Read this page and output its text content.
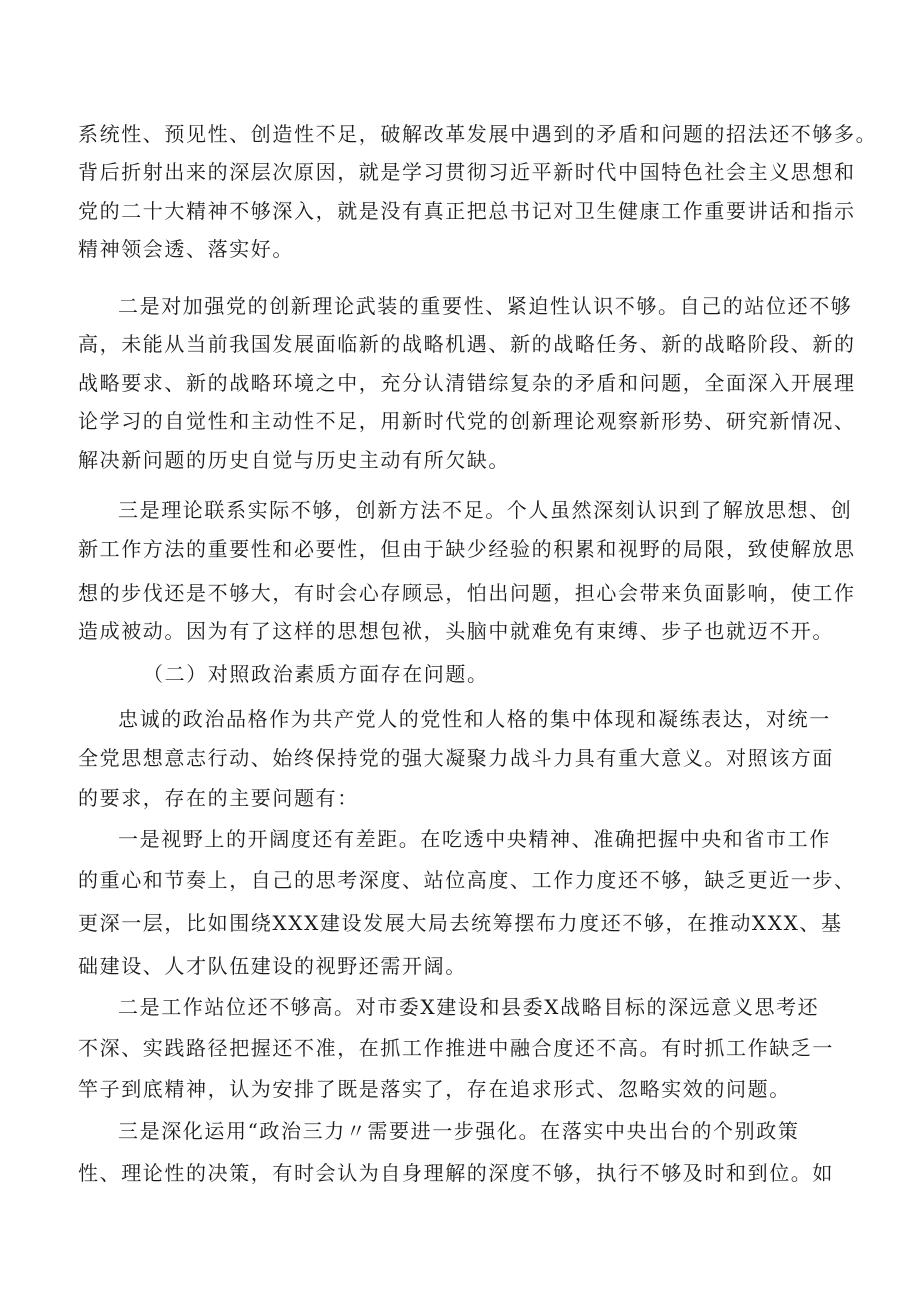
系统性、预见性、创造性不足，破解改革发展中遇到的矛盾和问题的招法还不够多。
背后折射出来的深层次原因，就是学习贯彻习近平新时代中国特色社会主义思想和
党的二十大精神不够深入，就是没有真正把总书记对卫生健康工作重要讲话和指示
精神领会透、落实好。
二是对加强党的创新理论武装的重要性、紧迫性认识不够。自己的站位还不够
高，未能从当前我国发展面临新的战略机遇、新的战略任务、新的战略阶段、新的
战略要求、新的战略环境之中，充分认清错综复杂的矛盾和问题，全面深入开展理
论学习的自觉性和主动性不足，用新时代党的创新理论观察新形势、研究新情况、
解决新问题的历史自觉与历史主动有所欠缺。
三是理论联系实际不够，创新方法不足。个人虽然深刻认识到了解放思想、创
新工作方法的重要性和必要性，但由于缺少经验的积累和视野的局限，致使解放思
想的步伐还是不够大，有时会心存顾忌，怕出问题，担心会带来负面影响，使工作
造成被动。因为有了这样的思想包袱，头脑中就难免有束缚、步子也就迈不开。
（二）对照政治素质方面存在问题。
忠诚的政治品格作为共产党人的党性和人格的集中体现和凝练表达，对统一
全党思想意志行动、始终保持党的强大凝聚力战斗力具有重大意义。对照该方面
的要求，存在的主要问题有：
一是视野上的开阔度还有差距。在吃透中央精神、准确把握中央和省市工作
的重心和节奏上，自己的思考深度、站位高度、工作力度还不够，缺乏更近一步、
更深一层，比如围绕XXX建设发展大局去统筹摆布力度还不够，在推动XXX、基
础建设、人才队伍建设的视野还需开阔。
二是工作站位还不够高。对市委X建设和县委X战略目标的深远意义思考还
不深、实践路径把握还不准，在抓工作推进中融合度还不高。有时抓工作缺乏一
竿子到底精神，认为安排了既是落实了，存在追求形式、忽略实效的问题。
三是深化运用“政治三力〃需要进一步强化。在落实中央出台的个别政策
性、理论性的决策，有时会认为自身理解的深度不够，执行不够及时和到位。如
